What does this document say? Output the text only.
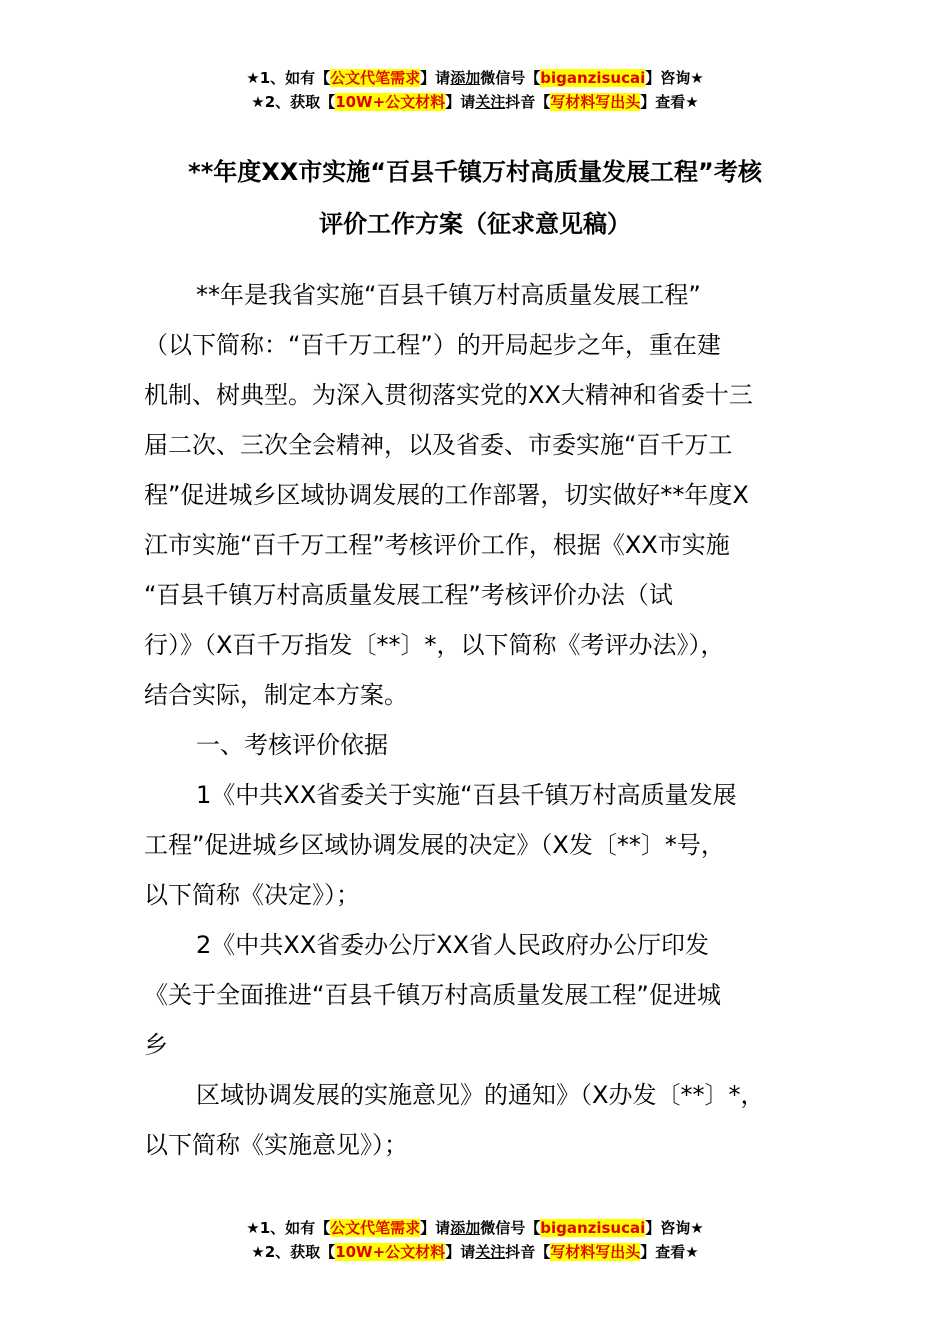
★1、如有【公文代笔需求】请添加微信号【biganzisucai】咨询★
★2、获取【10W+公文材料】请关注抖音【写材料写出头】查看★
**年度XX市实施“百县千镇万村高质量发展工程”考核
评价工作方案（征求意见稿）
**年是我省实施“百县千镇万村高质量发展工程”
（以下简称：“百千万工程”）的开局起步之年，重在建
机制、树典型。为深入贯彻落实党的XX大精神和省委十三
届二次、三次全会精神，以及省委、市委实施“百千万工
程”促进城乡区域协调发展的工作部署，切实做好**年度X
江市实施“百千万工程”考核评价工作，根据《XX市实施
“百县千镇万村高质量发展工程”考核评价办法（试
行）》（X百千万指发〔**〕*，以下简称《考评办法》），
结合实际，制定本方案。
一、考核评价依据
1《中共XX省委关于实施“百县千镇万村高质量发展
工程”促进城乡区域协调发展的决定》（X发〔**〕*号，
以下简称《决定》）；
2《中共XX省委办公厅XX省人民政府办公厅印发
《关于全面推进“百县千镇万村高质量发展工程”促进城
乡
区域协调发展的实施意见》的通知》（X办发〔**〕*，
以下简称《实施意见》）；
★1、如有【公文代笔需求】请添加微信号【biganzisucai】咨询★
★2、获取【10W+公文材料】请关注抖音【写材料写出头】查看★
